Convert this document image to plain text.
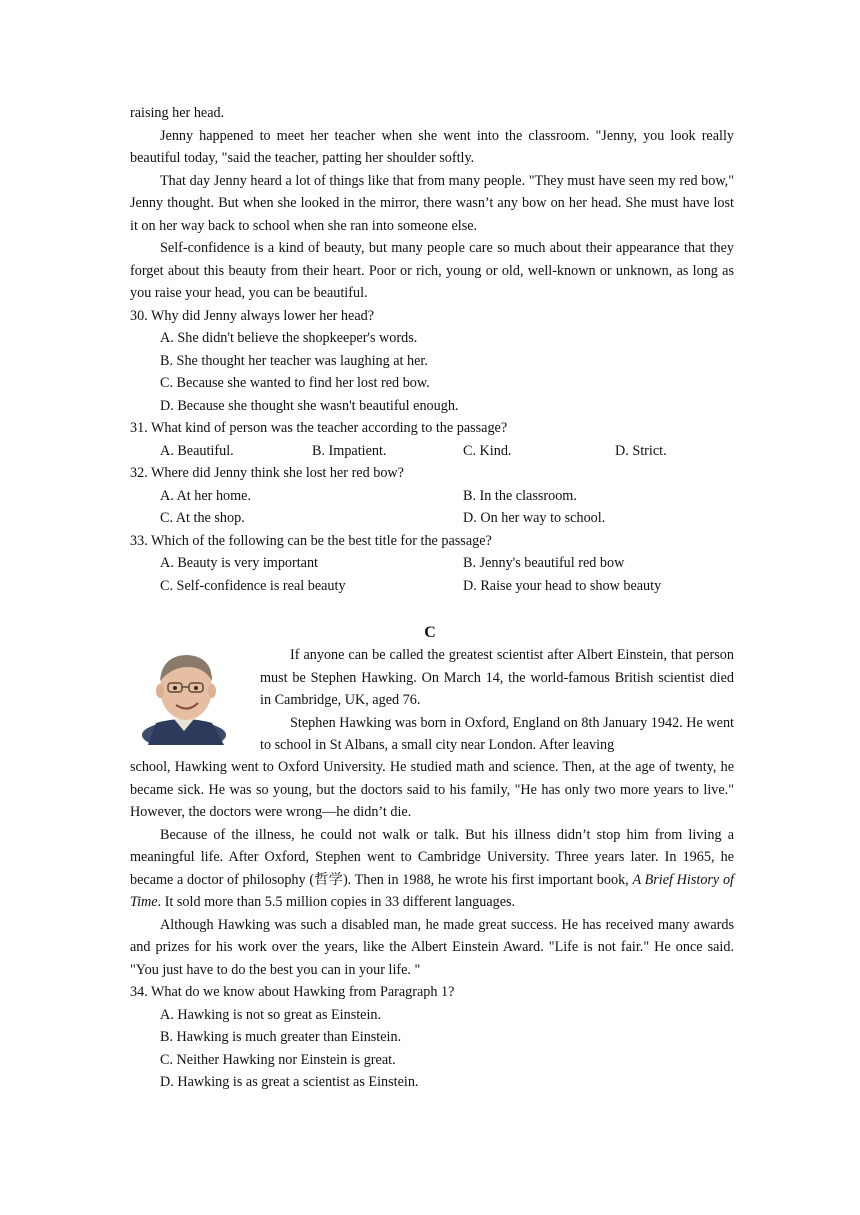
raising her head.

Jenny happened to meet her teacher when she went into the classroom. "Jenny, you look really beautiful today, "said the teacher, patting her shoulder softly.

That day Jenny heard a lot of things like that from many people. "They must have seen my red bow," Jenny thought. But when she looked in the mirror, there wasn’t any bow on her head. She must have lost it on her way back to school when she ran into someone else.

Self-confidence is a kind of beauty, but many people care so much about their appearance that they forget about this beauty from their heart. Poor or rich, young or old, well-known or unknown, as long as you raise your head, you can be beautiful.

30. Why did Jenny always lower her head?
A. She didn't believe the shopkeeper's words.
B. She thought her teacher was laughing at her.
C. Because she wanted to find her lost red bow.
D. Because she thought she wasn't beautiful enough.
31. What kind of person was the teacher according to the passage?
A. Beautiful.	B. Impatient.	C. Kind.	D. Strict.
32. Where did Jenny think she lost her red bow?
A. At her home.	B. In the classroom.
C. At the shop.	D. On her way to school.
33. Which of the following can be the best title for the passage?
A. Beauty is very important	B. Jenny's beautiful red bow
C. Self-confidence is real beauty	D. Raise your head to show beauty
C

If anyone can be called the greatest scientist after Albert Einstein, that person must be Stephen Hawking. On March 14, the world-famous British scientist died in Cambridge, UK, aged 76.

Stephen Hawking was born in Oxford, England on 8th January 1942. He went to school in St Albans, a small city near London. After leaving

school, Hawking went to Oxford University. He studied math and science. Then, at the age of twenty, he became sick. He was so young, but the doctors said to his family, "He has only two more years to live." However, the doctors were wrong—he didn’t die.

Because of the illness, he could not walk or talk. But his illness didn’t stop him from living a meaningful life. After Oxford, Stephen went to Cambridge University. Three years later. In 1965, he became a doctor of philosophy (哲学). Then in 1988, he wrote his first important book, A Brief History of Time. It sold more than 5.5 million copies in 33 different languages.

Although Hawking was such a disabled man, he made great success. He has received many awards and prizes for his work over the years, like the Albert Einstein Award. "Life is not fair." He once said. "You just have to do the best you can in your life. "

34. What do we know about Hawking from Paragraph 1?
A. Hawking is not so great as Einstein.
B. Hawking is much greater than Einstein.
C. Neither Hawking nor Einstein is great.
D. Hawking is as great a scientist as Einstein.
